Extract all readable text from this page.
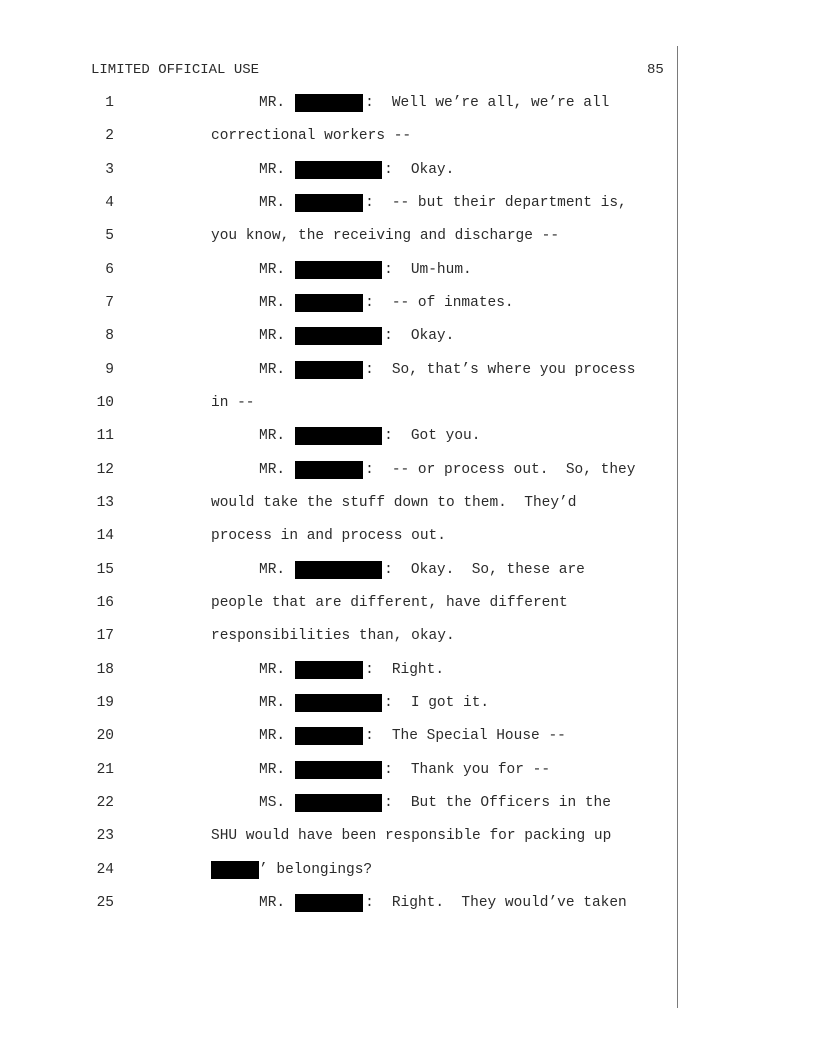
LIMITED OFFICIAL USE	85
1	MR.	: Well we’re all, we’re all
2	correctional workers --
3	MR.	: Okay.
4	MR.	: -- but their department is,
5	you know, the receiving and discharge --
6	MR.	: Um-hum.
7	MR.	: -- of inmates.
8	MR.	: Okay.
9	MR.	: So, that’s where you process
10	in --
11	MR.	: Got you.
12	MR.	: -- or process out.  So, they
13	would take the stuff down to them.  They’d
14	process in and process out.
15	MR.	: Okay.  So, these are
16	people that are different, have different
17	responsibilities than, okay.
18	MR.	: Right.
19	MR.	: I got it.
20	MR.	: The Special House --
21	MR.	: Thank you for --
22	MS.	: But the Officers in the
23	SHU would have been responsible for packing up
24	’ belongings?
25	MR.	: Right.  They would’ve taken
